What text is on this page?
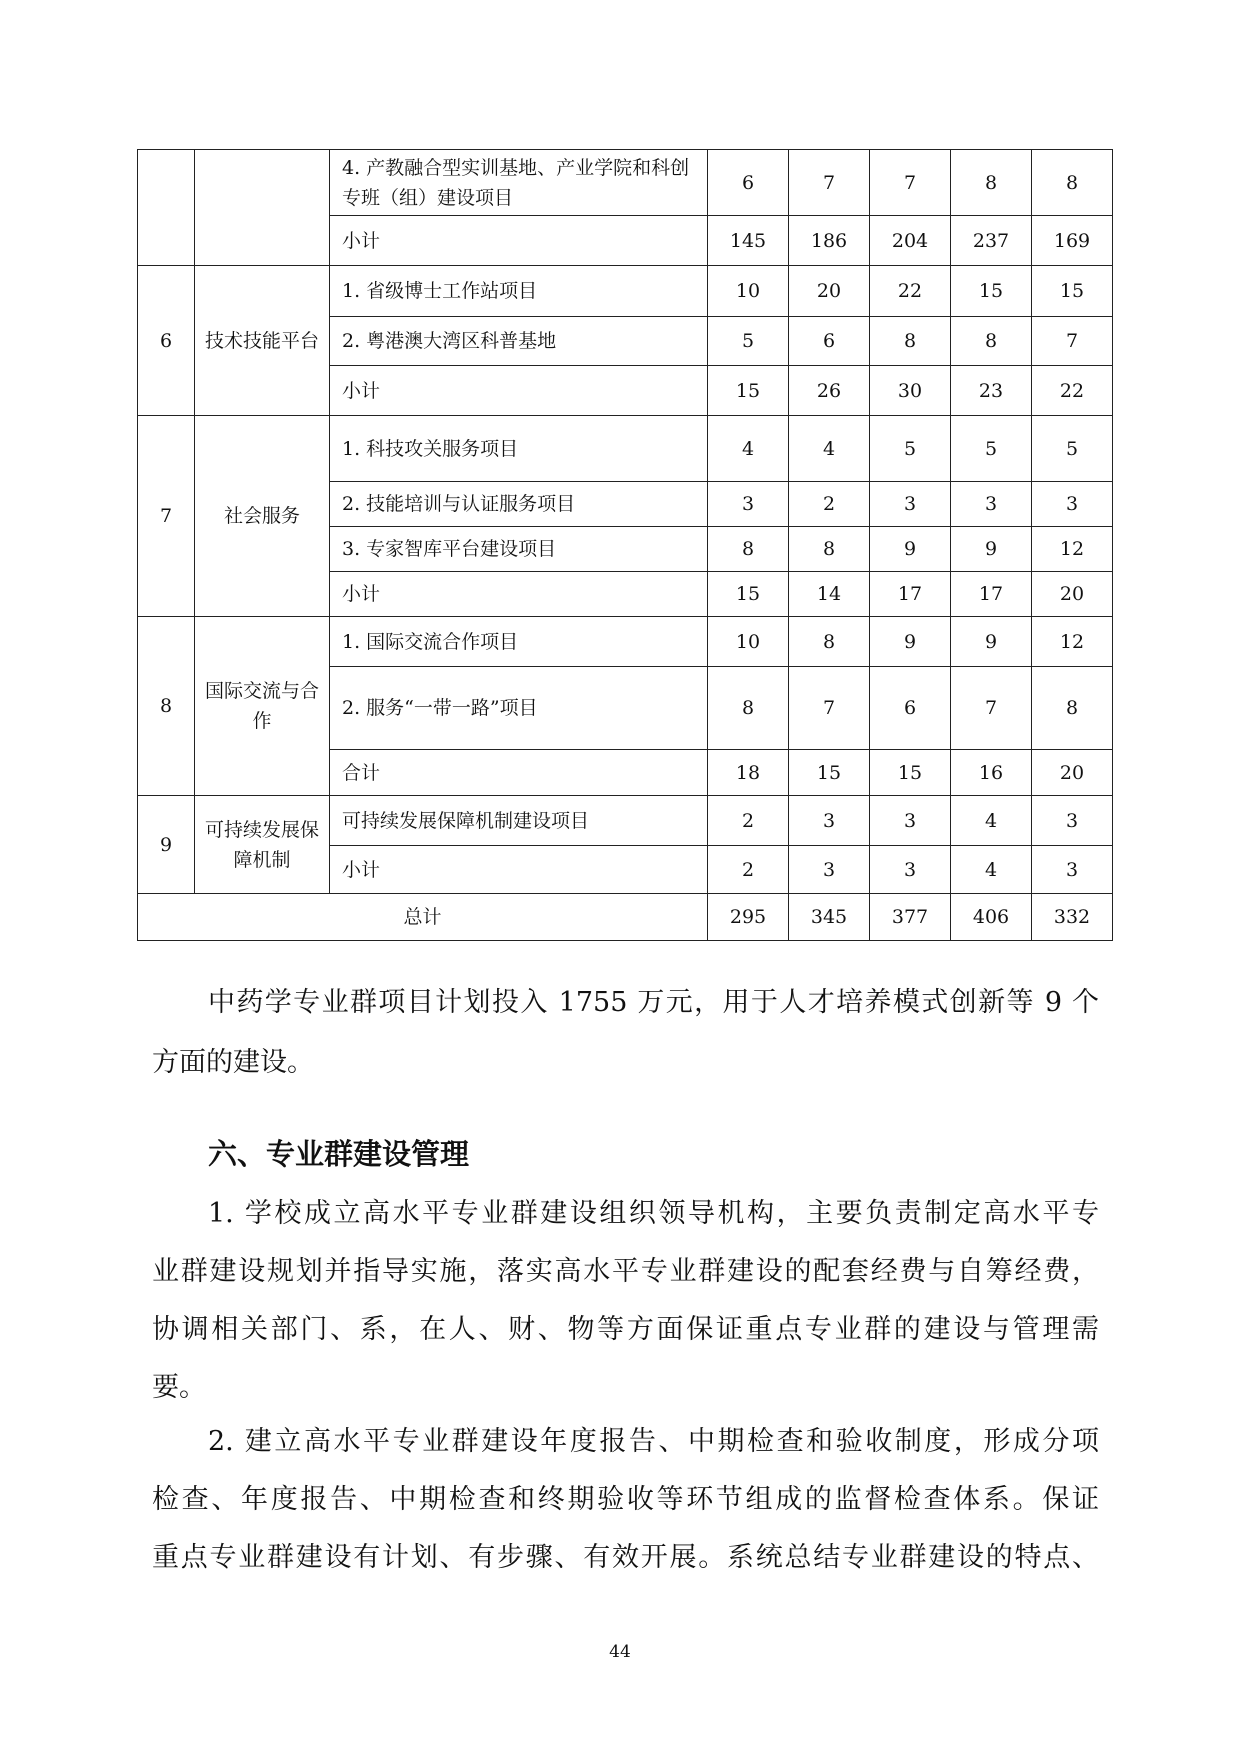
		4. 产教融合型实训基地、产业学院和科创专班（组）建设项目	6	7	7	8	8
		小计	145	186	204	237	169
6	技术技能平台	1. 省级博士工作站项目	10	20	22	15	15
		2. 粤港澳大湾区科普基地	5	6	8	8	7
		小计	15	26	30	23	22
7	社会服务	1. 科技攻关服务项目	4	4	5	5	5
		2. 技能培训与认证服务项目	3	2	3	3	3
		3. 专家智库平台建设项目	8	8	9	9	12
		小计	15	14	17	17	20
8	国际交流与合作	1. 国际交流合作项目	10	8	9	9	12
		2. 服务“一带一路”项目	8	7	6	7	8
		合计	18	15	15	16	20
9	可持续发展保障机制	可持续发展保障机制建设项目	2	3	3	4	3
		小计	2	3	3	4	3
总计			295	345	377	406	332
中药学专业群项目计划投入 1755 万元，用于人才培养模式创新等 9 个
方面的建设。
六、专业群建设管理
1. 学校成立高水平专业群建设组织领导机构，主要负责制定高水平专
业群建设规划并指导实施，落实高水平专业群建设的配套经费与自筹经费，
协调相关部门、系，在人、财、物等方面保证重点专业群的建设与管理需
要。
2. 建立高水平专业群建设年度报告、中期检查和验收制度，形成分项
检查、年度报告、中期检查和终期验收等环节组成的监督检查体系。保证
重点专业群建设有计划、有步骤、有效开展。系统总结专业群建设的特点、
44
